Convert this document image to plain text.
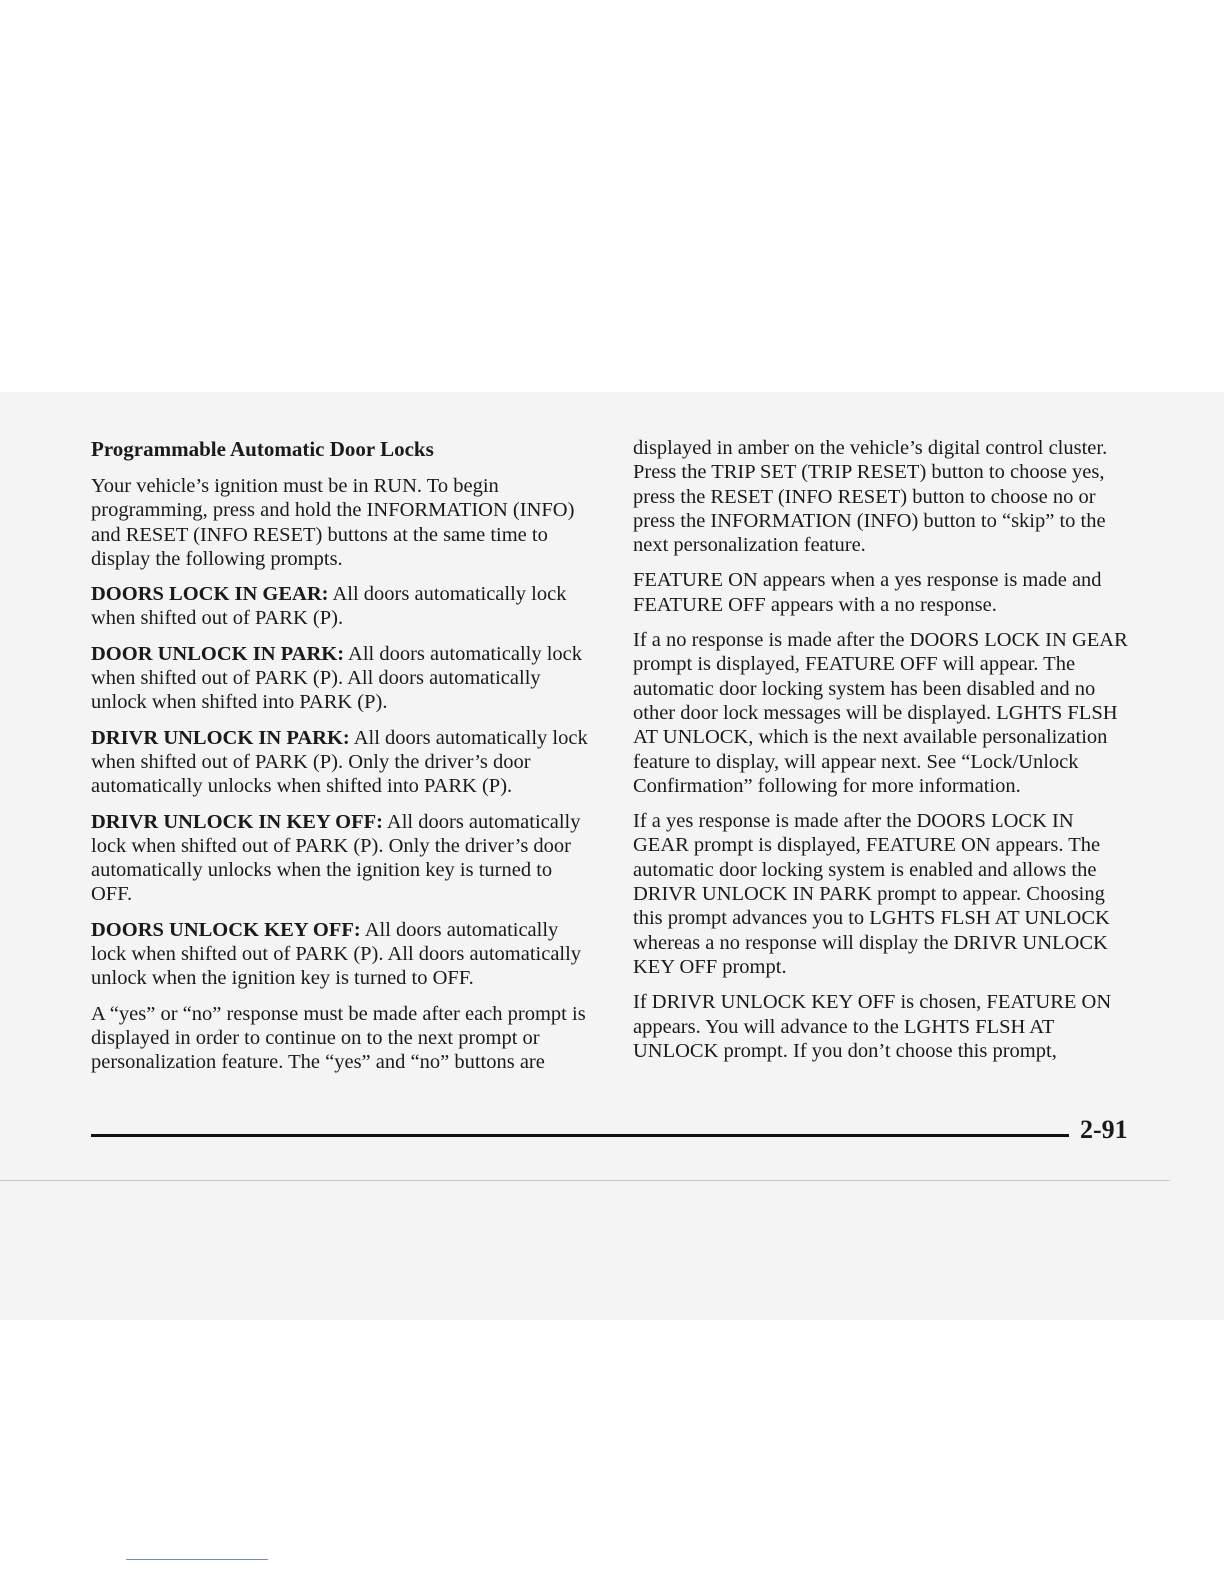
Programmable Automatic Door Locks

Your vehicle’s ignition must be in RUN. To begin programming, press and hold the INFORMATION (INFO) and RESET (INFO RESET) buttons at the same time to display the following prompts.

DOORS LOCK IN GEAR: All doors automatically lock when shifted out of PARK (P).

DOOR UNLOCK IN PARK: All doors automatically lock when shifted out of PARK (P). All doors automatically unlock when shifted into PARK (P).

DRIVR UNLOCK IN PARK: All doors automatically lock when shifted out of PARK (P). Only the driver’s door automatically unlocks when shifted into PARK (P).

DRIVR UNLOCK IN KEY OFF: All doors automatically lock when shifted out of PARK (P). Only the driver’s door automatically unlocks when the ignition key is turned to OFF.

DOORS UNLOCK KEY OFF: All doors automatically lock when shifted out of PARK (P). All doors automatically unlock when the ignition key is turned to OFF.

A “yes” or “no” response must be made after each prompt is displayed in order to continue on to the next prompt or personalization feature. The “yes” and “no” buttons are

displayed in amber on the vehicle’s digital control cluster. Press the TRIP SET (TRIP RESET) button to choose yes, press the RESET (INFO RESET) button to choose no or press the INFORMATION (INFO) button to “skip” to the next personalization feature.

FEATURE ON appears when a yes response is made and FEATURE OFF appears with a no response.

If a no response is made after the DOORS LOCK IN GEAR prompt is displayed, FEATURE OFF will appear. The automatic door locking system has been disabled and no other door lock messages will be displayed. LGHTS FLSH AT UNLOCK, which is the next available personalization feature to display, will appear next. See “Lock/Unlock Confirmation” following for more information.

If a yes response is made after the DOORS LOCK IN GEAR prompt is displayed, FEATURE ON appears. The automatic door locking system is enabled and allows the DRIVR UNLOCK IN PARK prompt to appear. Choosing this prompt advances you to LGHTS FLSH AT UNLOCK whereas a no response will display the DRIVR UNLOCK KEY OFF prompt.

If DRIVR UNLOCK KEY OFF is chosen, FEATURE ON appears. You will advance to the LGHTS FLSH AT UNLOCK prompt. If you don’t choose this prompt,

2-91
